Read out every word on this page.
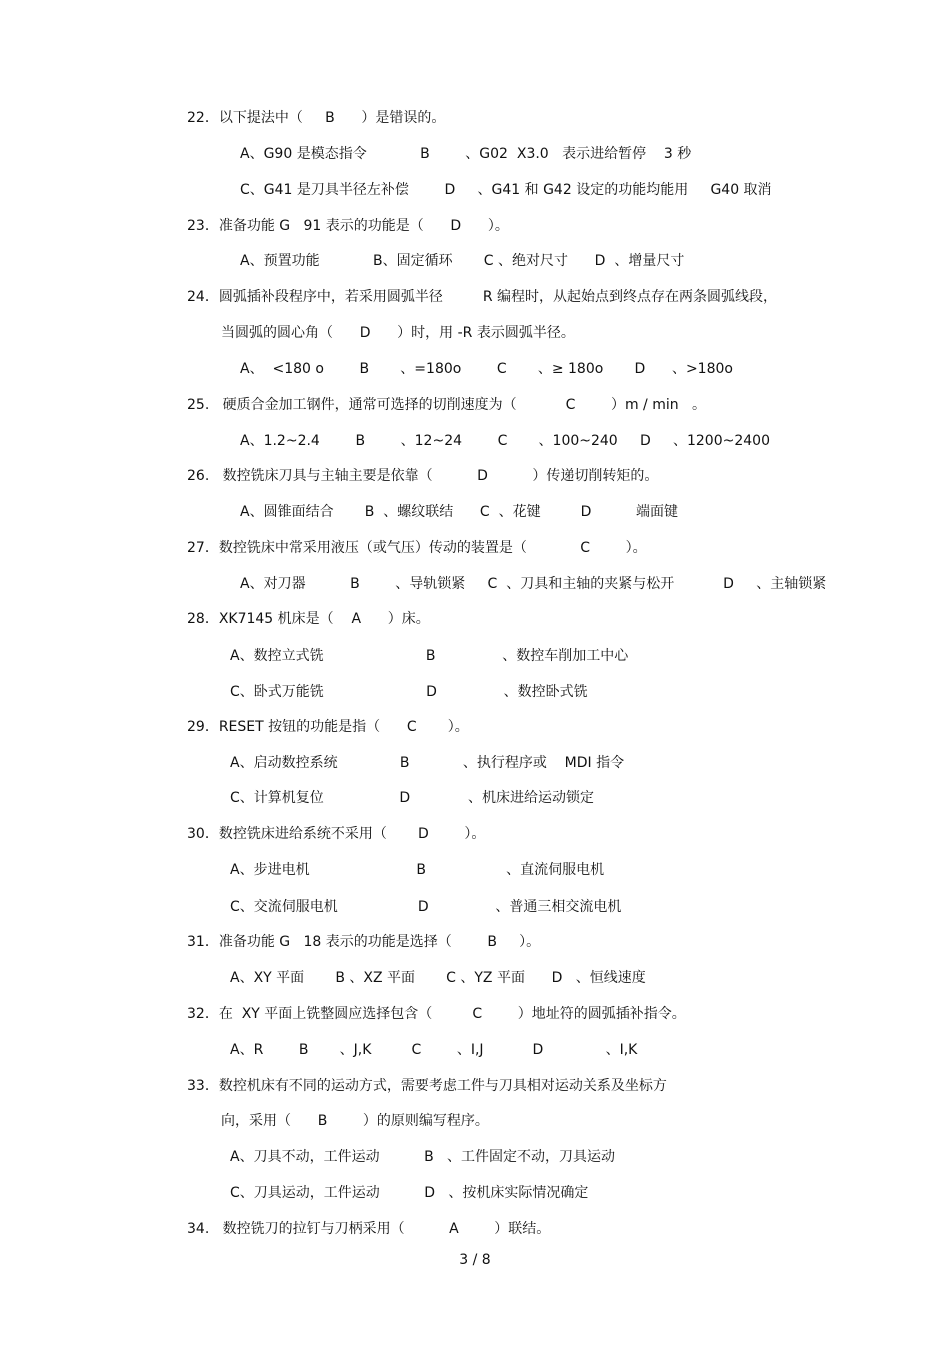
22．以下提法中（     B      ）是错误的。
A、G90 是模态指令            B        、G02  X3.0   表示进给暂停    3 秒
C、G41 是刀具半径左补偿        D     、G41 和 G42 设定的功能均能用     G40 取消
23．准备功能 G   91 表示的功能是（      D      ）。
A、预置功能            B、固定循环       C 、绝对尺寸      D  、增量尺寸
24．圆弧插补段程序中，若采用圆弧半径         R 编程时，从起始点到终点存在两条圆弧线段，
当圆弧的圆心角（      D      ）时，用 -R 表示圆弧半径。
A、  <180 o        B       、=180o        C       、≥ 180o       D      、>180o
25.   硬质合金加工钢件，通常可选择的切削速度为（           C        ）m / min   。
A、1.2~2.4        B        、12~24        C       、100~240     D     、1200~2400
26.   数控铣床刀具与主轴主要是依靠（          D          ）传递切削转矩的。
A、圆锥面结合       B  、螺纹联结      C  、花键         D          端面键
27．数控铣床中常采用液压（或气压）传动的装置是（            C        ）。
A、对刀器          B        、导轨锁紧     C  、刀具和主轴的夹紧与松开           D     、主轴锁紧
28．XK7145 机床是（    A      ）床。
A、数控立式铣                       B               、数控车削加工中心
C、卧式万能铣                       D               、数控卧式铣
29．RESET 按钮的功能是指（      C       ）。
A、启动数控系统              B            、执行程序或    MDI 指令
C、计算机复位                 D             、机床进给运动锁定
30．数控铣床进给系统不采用（       D        ）。
A、步进电机                        B                  、直流伺服电机
C、交流伺服电机                  D               、普通三相交流电机
31．准备功能 G   18 表示的功能是选择（        B     ）。
A、XY 平面       B 、XZ 平面       C 、YZ 平面      D   、恒线速度
32．在  XY 平面上铣整圆应选择包含（         C        ）地址符的圆弧插补指令。
A、R        B       、J,K         C        、I,J           D              、I,K
33．数控机床有不同的运动方式，需要考虑工件与刀具相对运动关系及坐标方
向，采用（      B        ）的原则编写程序。
A、刀具不动，工件运动          B   、工件固定不动，刀具运动
C、刀具运动，工件运动          D   、按机床实际情况确定
34.   数控铣刀的拉钉与刀柄采用（          A        ）联结。
3 / 8
